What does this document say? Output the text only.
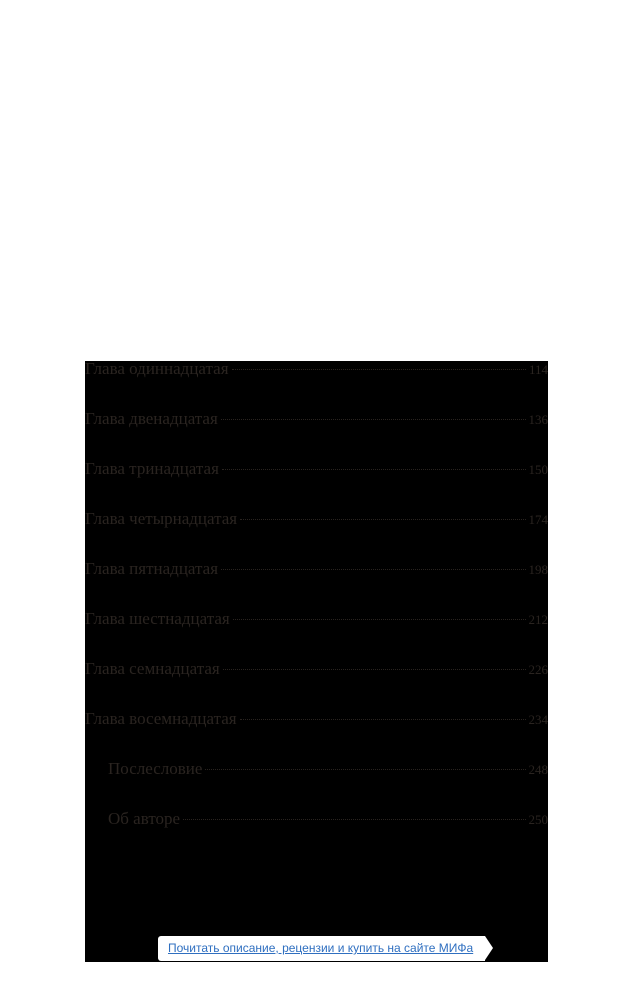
Глава одиннадцатая	114
Глава двенадцатая	136
Глава тринадцатая	150
Глава четырнадцатая	174
Глава пятнадцатая	198
Глава шестнадцатая	212
Глава семнадцатая	226
Глава восемнадцатая	234
Послесловие	248
Об авторе	250
Почитать описание, рецензии и купить на сайте МИФа
